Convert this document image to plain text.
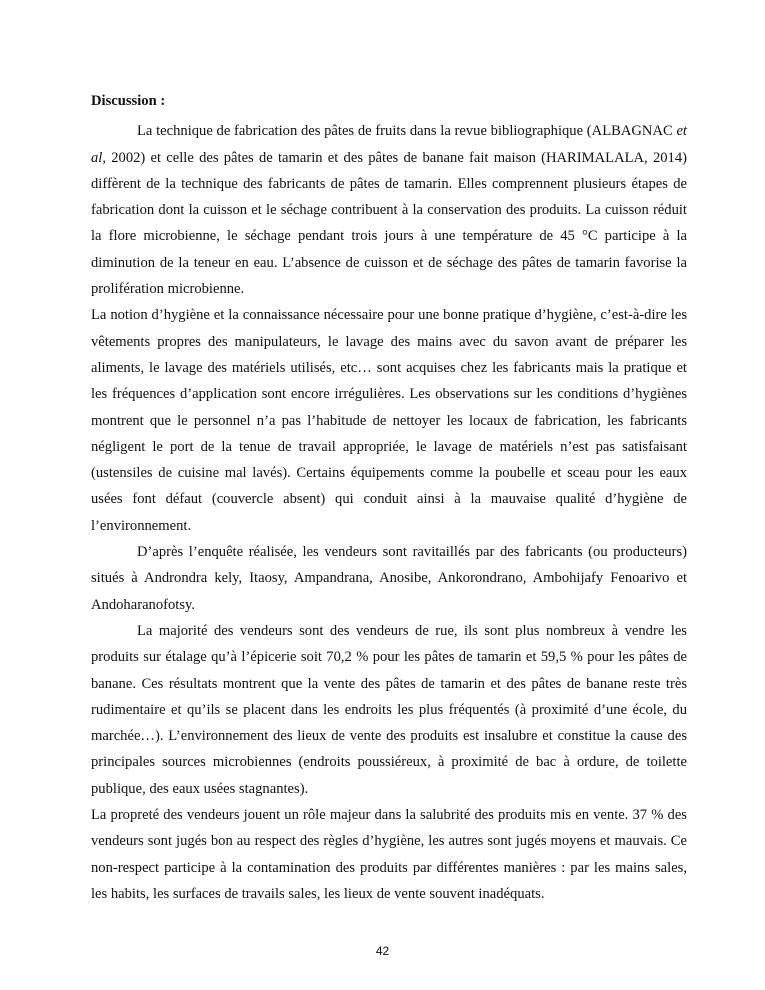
Discussion :

La technique de fabrication des pâtes de fruits dans la revue bibliographique (ALBAGNAC et al, 2002) et celle des pâtes de tamarin et des pâtes de banane fait maison (HARIMALALA, 2014) diffèrent de la technique des fabricants de pâtes de tamarin. Elles comprennent plusieurs étapes de fabrication dont la cuisson et le séchage contribuent à la conservation des produits. La cuisson réduit la flore microbienne, le séchage pendant trois jours à une température de 45 °C participe à la diminution de la teneur en eau. L’absence de cuisson et de séchage des pâtes de tamarin favorise la prolifération microbienne.

La notion d’hygiène et la connaissance nécessaire pour une bonne pratique d’hygiène, c’est-à-dire les vêtements propres des manipulateurs, le lavage des mains avec du savon avant de préparer les aliments, le lavage des matériels utilisés, etc… sont acquises chez les fabricants mais la pratique et les fréquences d’application sont encore irrégulières. Les observations sur les conditions d’hygiènes montrent que le personnel n’a pas l’habitude de nettoyer les locaux de fabrication, les fabricants négligent le port de la tenue de travail appropriée, le lavage de matériels n’est pas satisfaisant (ustensiles de cuisine mal lavés). Certains équipements comme la poubelle et sceau pour les eaux usées font défaut (couvercle absent) qui conduit ainsi à la mauvaise qualité d’hygiène de l’environnement.

D’après l’enquête réalisée, les vendeurs sont ravitaillés par des fabricants (ou producteurs) situés à Androndra kely, Itaosy, Ampandrana, Anosibe, Ankorondrano, Ambohijafy Fenoarivo et Andoharanofotsy.

La majorité des vendeurs sont des vendeurs de rue, ils sont plus nombreux à vendre les produits sur étalage qu’à l’épicerie soit 70,2 % pour les pâtes de tamarin et 59,5 % pour les pâtes de banane. Ces résultats montrent que la vente des pâtes de tamarin et des pâtes de banane reste très rudimentaire et qu’ils se placent dans les endroits les plus fréquentés (à proximité d’une école, du marchée…). L’environnement des lieux de vente des produits est insalubre et constitue la cause des principales sources microbiennes (endroits poussiéreux, à proximité de bac à ordure, de toilette publique, des eaux usées stagnantes).

La propreté des vendeurs jouent un rôle majeur dans la salubrité des produits mis en vente. 37 % des vendeurs sont jugés bon au respect des règles d’hygiène, les autres sont jugés moyens et mauvais. Ce non-respect participe à la contamination des produits par différentes manières : par les mains sales, les habits, les surfaces de travails sales, les lieux de vente souvent inadéquats.

42
